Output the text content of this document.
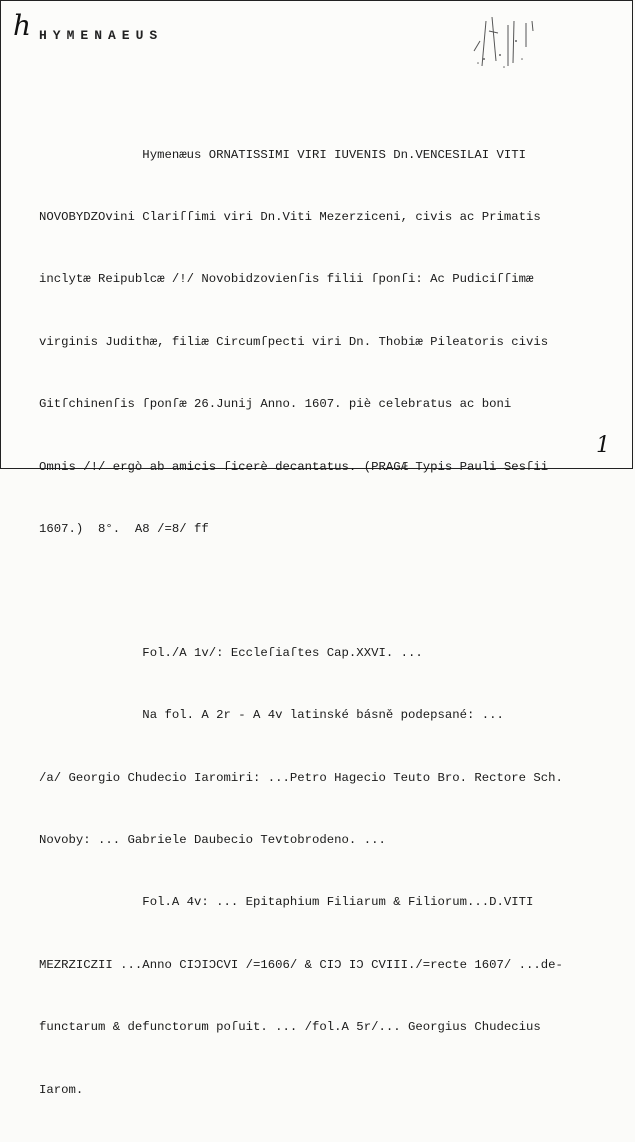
h HYMENAEUS

Hymenæus ORNATISSIMI VIRI IUVENIS Dn.VENCESILAI VITI

NOVOBYDZOvini Clariſſimi viri Dn.Viti Mezerziceni, civis ac Primatis

inclytæ Reipublcæ /!/ Novobidzovienſis filii ſponſi: Ac Pudiciſſimæ

virginis Judithæ, filiæ Circumſpecti viri Dn. Thobiæ Pileatoris civis

Gitſchinenſis ſponſæ 26.Junij Anno. 1607. piè celebratus ac boni

Omnis /!/ ergò ab amicis ſicerè decantatus. (PRAGÆ Typis Pauli Sesſii

1607.)  8°.  A8 /=8/ ff

Fol./A 1v/: Eccleſiaſtes Cap.XXVI. ...

Na fol. A 2r - A 4v latinské básně podepsané: ...

/a/ Georgio Chudecio Iaromiri: ...Petro Hagecio Teuto Bro. Rectore Sch.

Novoby: ... Gabriele Daubecio Tevtobrodeno. ...

Fol.A 4v: ... Epitaphium Filiarum & Filiorum...D.VITI

MEZRZICZII ...Anno CIƆIƆCVI /=1606/ & CIƆ IƆ CVIII./=recte 1607/ ...de-

functarum & defunctorum poſuit. ... /fol.A 5r/... Georgius Chudecius

Iarom.

1
